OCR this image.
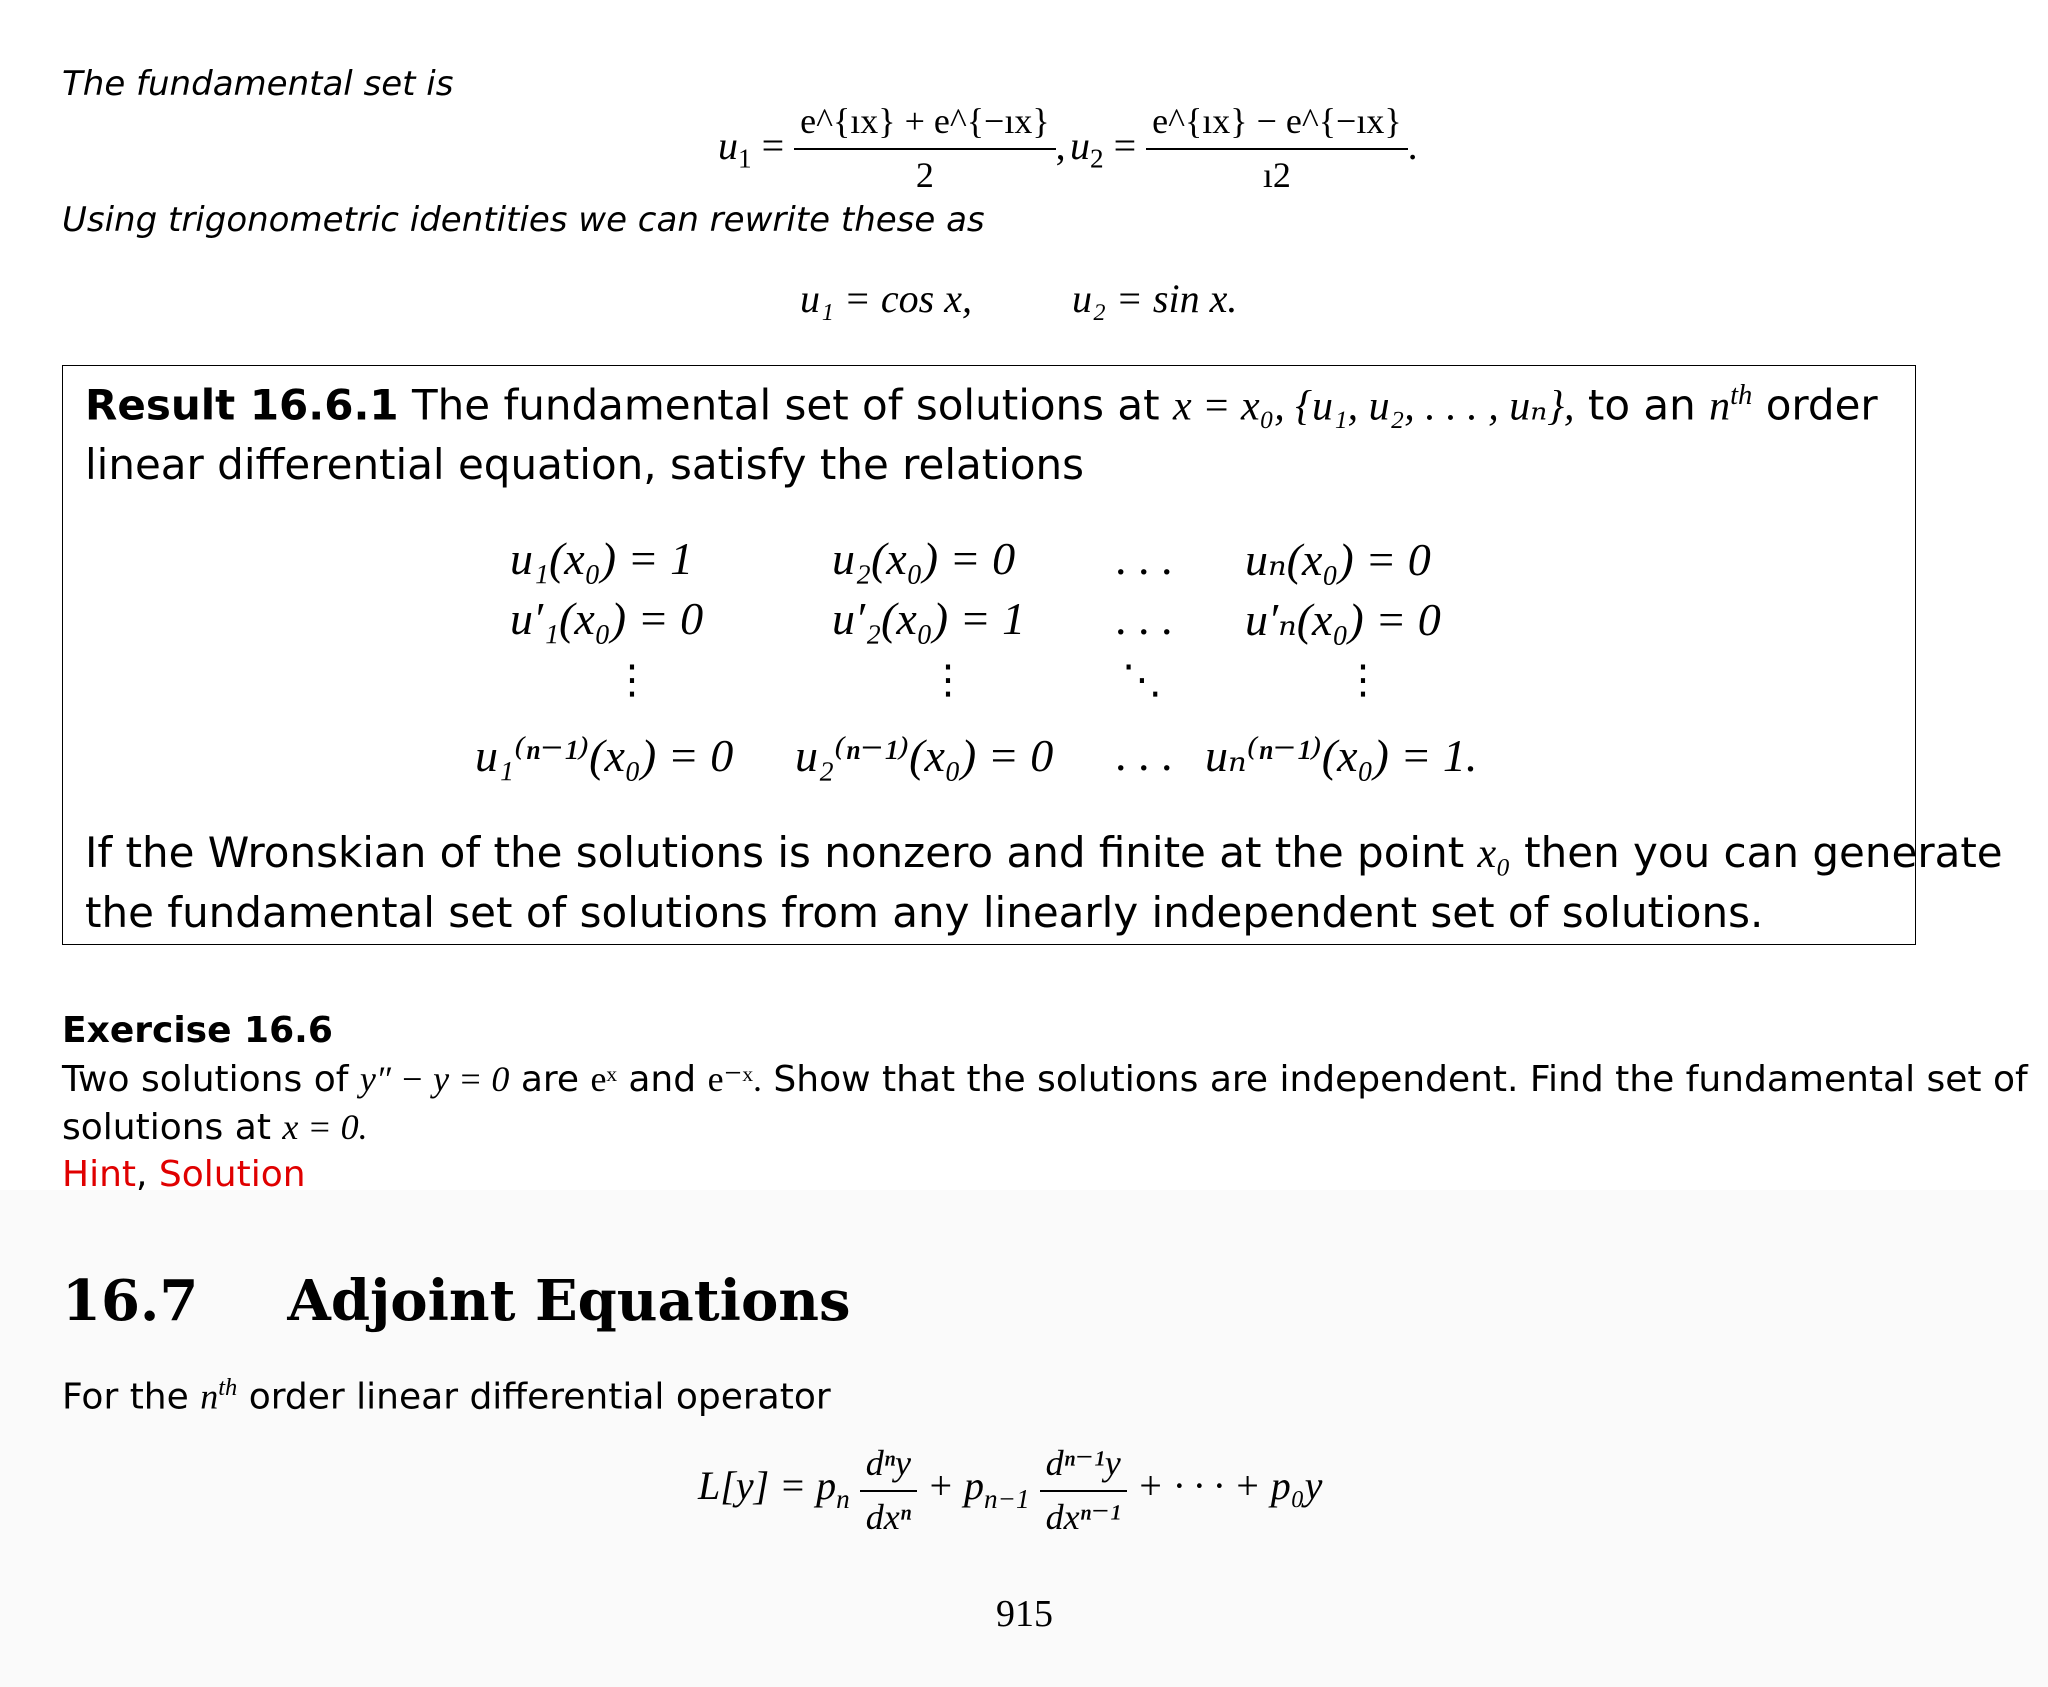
The fundamental set is
$u_1 = \frac{e\^{}\{ıx\} + e\^{}\{-ıx\}}{2}$ , $u_2 = \frac{e\^{}\{ıx\} - e\^{}\{-ıx\}}{ı2}$ .
Using trigonometric identities we can rewrite these as
u₁ = cos x,	u₂ = sin x.
Result 16.6.1 The fundamental set of solutions at x = x₀, {u₁, u₂, . . . , uₙ}, to an $n^{th}$ order
linear differential equation, satisfy the relations
u₁(x₀) = 1	u₂(x₀) = 0 . . . uₙ(x₀) = 0
u′₁(x₀) = 0	u′₂(x₀) = 1 . . . u′ₙ(x₀) = 0
⋮	⋮	⋱	⋮
u₁⁽ⁿ⁻¹⁾(x₀) = 0 u₂⁽ⁿ⁻¹⁾(x₀) = 0 . . . uₙ⁽ⁿ⁻¹⁾(x₀) = 1.
If the Wronskian of the solutions is nonzero and finite at the point x₀ then you can generate
the fundamental set of solutions from any linearly independent set of solutions.
Exercise 16.6
Two solutions of y″ − y = 0 are eˣ and e⁻ˣ. Show that the solutions are independent. Find the fundamental set of
solutions at x = 0.
Hint, Solution
16.7 Adjoint Equations
For the $n^{th}$ order linear differential operator
$L[y] = p_n \frac{\text{dⁿy}}{\text{dxⁿ}} + p_{n-1} \frac{\text{dⁿ⁻¹y}}{\text{dxⁿ⁻¹}}$ + · · · + p₀y
915
